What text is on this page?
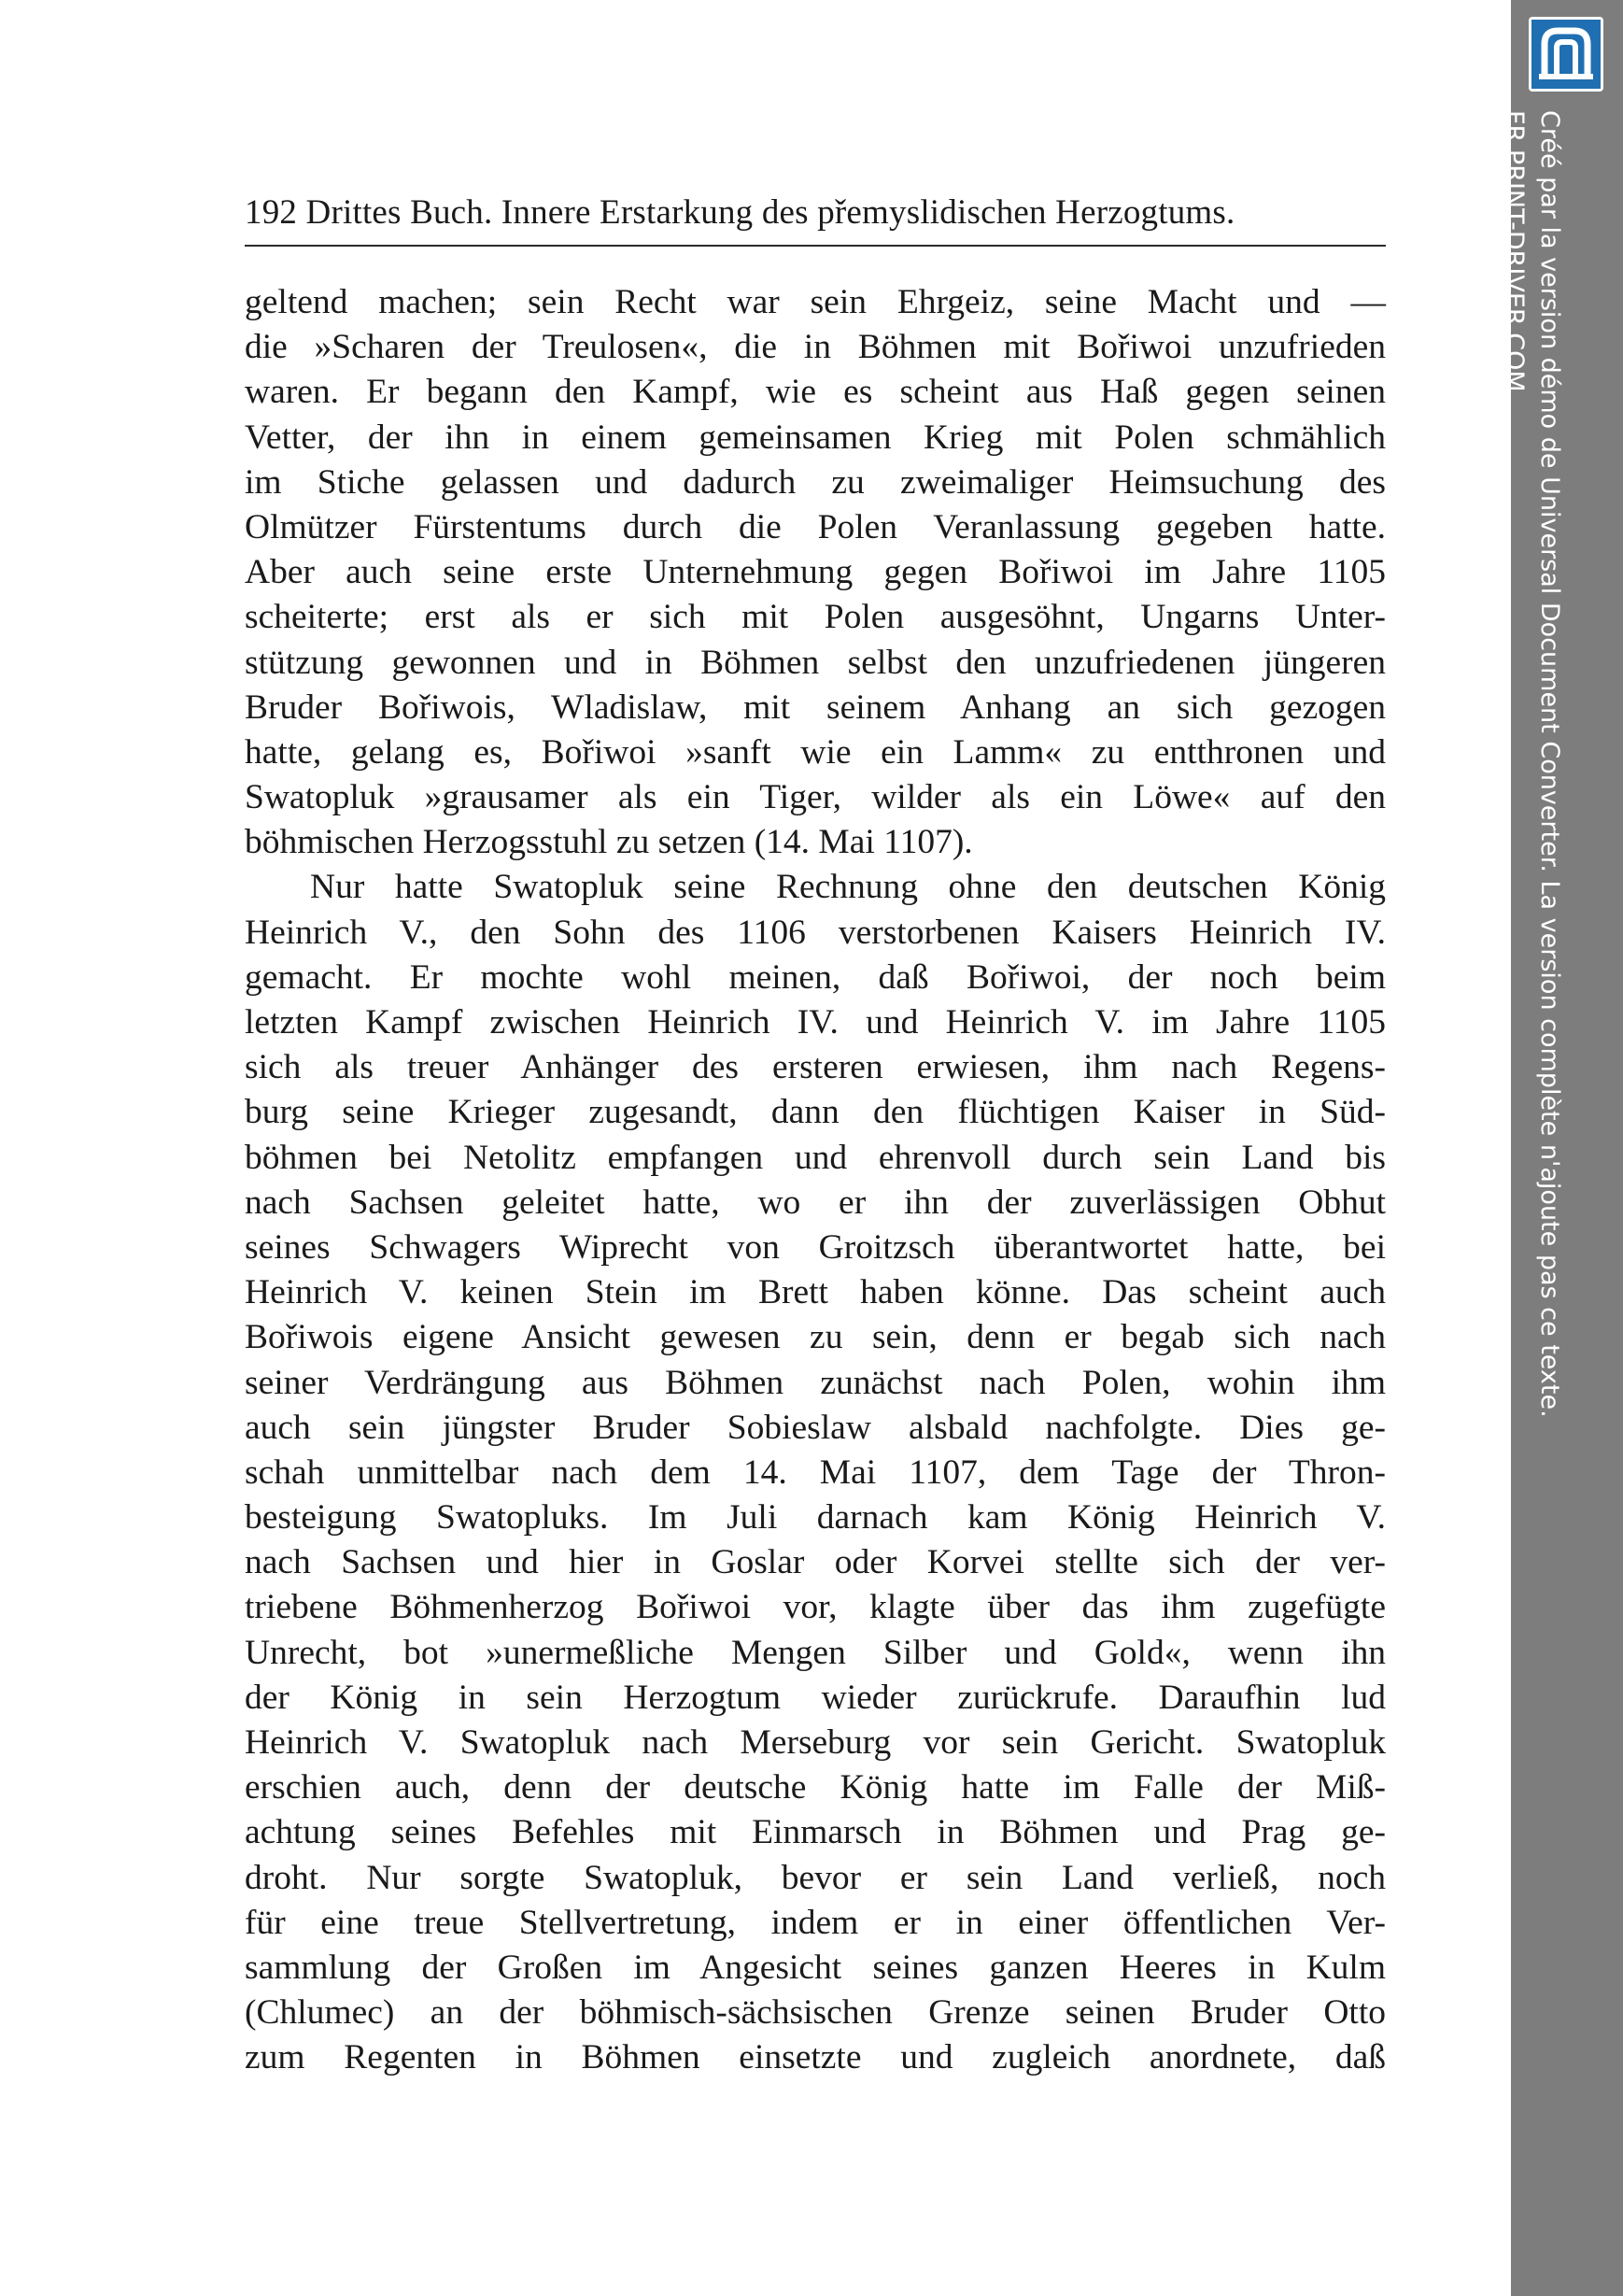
192 Drittes Buch. Innere Erstarkung des přemyslidischen Herzogtums.
geltend machen; sein Recht war sein Ehrgeiz, seine Macht und —
die »Scharen der Treulosen«, die in Böhmen mit Bořiwoi unzufrieden
waren. Er begann den Kampf, wie es scheint aus Haß gegen seinen
Vetter, der ihn in einem gemeinsamen Krieg mit Polen schmählich
im Stiche gelassen und dadurch zu zweimaliger Heimsuchung des
Olmützer Fürstentums durch die Polen Veranlassung gegeben hatte.
Aber auch seine erste Unternehmung gegen Bořiwoi im Jahre 1105
scheiterte; erst als er sich mit Polen ausgesöhnt, Ungarns Unter-
stützung gewonnen und in Böhmen selbst den unzufriedenen jüngeren
Bruder Bořiwois, Wladislaw, mit seinem Anhang an sich gezogen
hatte, gelang es, Bořiwoi »sanft wie ein Lamm« zu entthronen und
Swatopluk »grausamer als ein Tiger, wilder als ein Löwe« auf den
böhmischen Herzogsstuhl zu setzen (14. Mai 1107).
Nur hatte Swatopluk seine Rechnung ohne den deutschen König
Heinrich V., den Sohn des 1106 verstorbenen Kaisers Heinrich IV.
gemacht. Er mochte wohl meinen, daß Bořiwoi, der noch beim
letzten Kampf zwischen Heinrich IV. und Heinrich V. im Jahre 1105
sich als treuer Anhänger des ersteren erwiesen, ihm nach Regens-
burg seine Krieger zugesandt, dann den flüchtigen Kaiser in Süd-
böhmen bei Netolitz empfangen und ehrenvoll durch sein Land bis
nach Sachsen geleitet hatte, wo er ihn der zuverlässigen Obhut
seines Schwagers Wiprecht von Groitzsch überantwortet hatte, bei
Heinrich V. keinen Stein im Brett haben könne. Das scheint auch
Bořiwois eigene Ansicht gewesen zu sein, denn er begab sich nach
seiner Verdrängung aus Böhmen zunächst nach Polen, wohin ihm
auch sein jüngster Bruder Sobieslaw alsbald nachfolgte. Dies ge-
schah unmittelbar nach dem 14. Mai 1107, dem Tage der Thron-
besteigung Swatopluks. Im Juli darnach kam König Heinrich V.
nach Sachsen und hier in Goslar oder Korvei stellte sich der ver-
triebene Böhmenherzog Bořiwoi vor, klagte über das ihm zugefügte
Unrecht, bot »unermeßliche Mengen Silber und Gold«, wenn ihn
der König in sein Herzogtum wieder zurückrufe. Daraufhin lud
Heinrich V. Swatopluk nach Merseburg vor sein Gericht. Swatopluk
erschien auch, denn der deutsche König hatte im Falle der Miß-
achtung seines Befehles mit Einmarsch in Böhmen und Prag ge-
droht. Nur sorgte Swatopluk, bevor er sein Land verließ, noch
für eine treue Stellvertretung, indem er in einer öffentlichen Ver-
sammlung der Großen im Angesicht seines ganzen Heeres in Kulm
(Chlumec) an der böhmisch-sächsischen Grenze seinen Bruder Otto
zum Regenten in Böhmen einsetzte und zugleich anordnete, daß
Créé par la version démo de Universal Document Converter. La version complète n'ajoute pas ce texte.
FR.PRINT-DRIVER.COM
